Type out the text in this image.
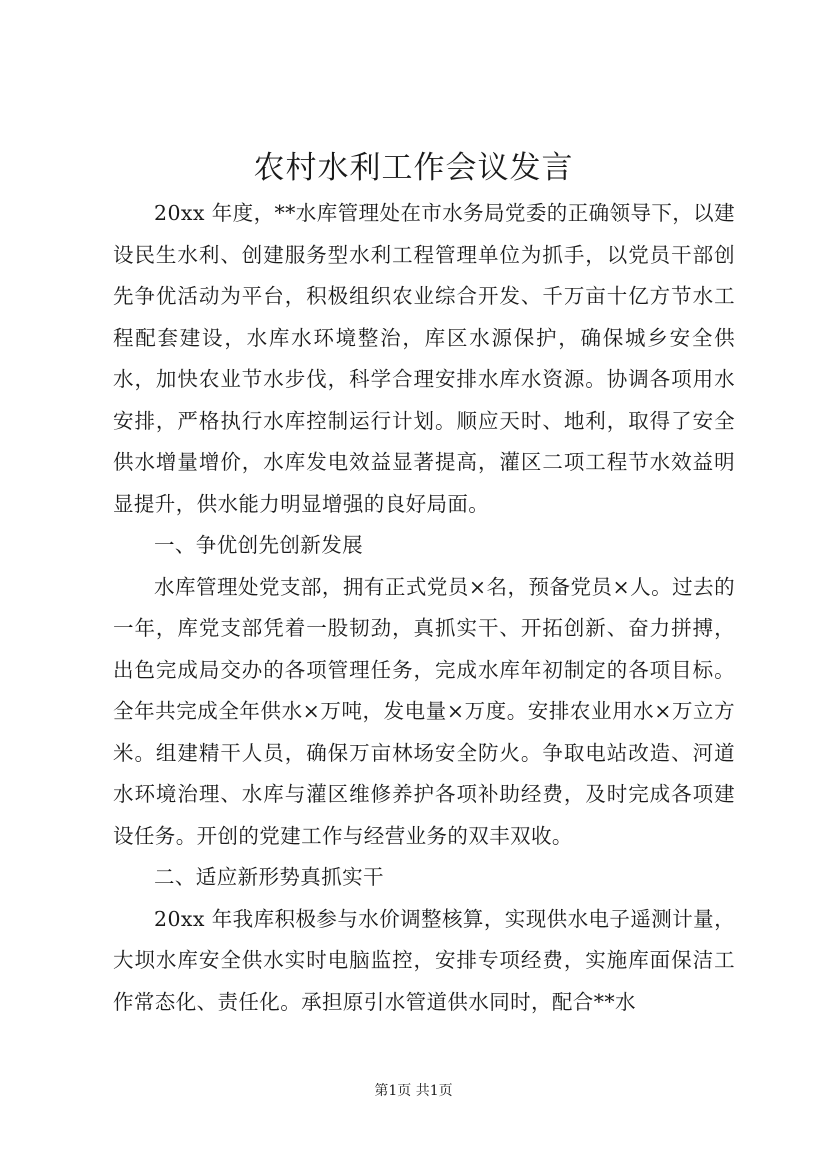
农村水利工作会议发言

20xx 年度，**水库管理处在市水务局党委的正确领导下，以建设民生水利、创建服务型水利工程管理单位为抓手，以党员干部创先争优活动为平台，积极组织农业综合开发、千万亩十亿方节水工程配套建设，水库水环境整治，库区水源保护，确保城乡安全供水，加快农业节水步伐，科学合理安排水库水资源。协调各项用水安排，严格执行水库控制运行计划。顺应天时、地利，取得了安全供水增量增价，水库发电效益显著提高，灌区二项工程节水效益明显提升，供水能力明显增强的良好局面。

一、争优创先创新发展

水库管理处党支部，拥有正式党员×名，预备党员×人。过去的一年，库党支部凭着一股韧劲，真抓实干、开拓创新、奋力拼搏，出色完成局交办的各项管理任务，完成水库年初制定的各项目标。全年共完成全年供水×万吨，发电量×万度。安排农业用水×万立方米。组建精干人员，确保万亩林场安全防火。争取电站改造、河道水环境治理、水库与灌区维修养护各项补助经费，及时完成各项建设任务。开创的党建工作与经营业务的双丰双收。

二、适应新形势真抓实干

20xx 年我库积极参与水价调整核算，实现供水电子遥测计量，大坝水库安全供水实时电脑监控，安排专项经费，实施库面保洁工作常态化、责任化。承担原引水管道供水同时，配合**水

第1页 共1页
